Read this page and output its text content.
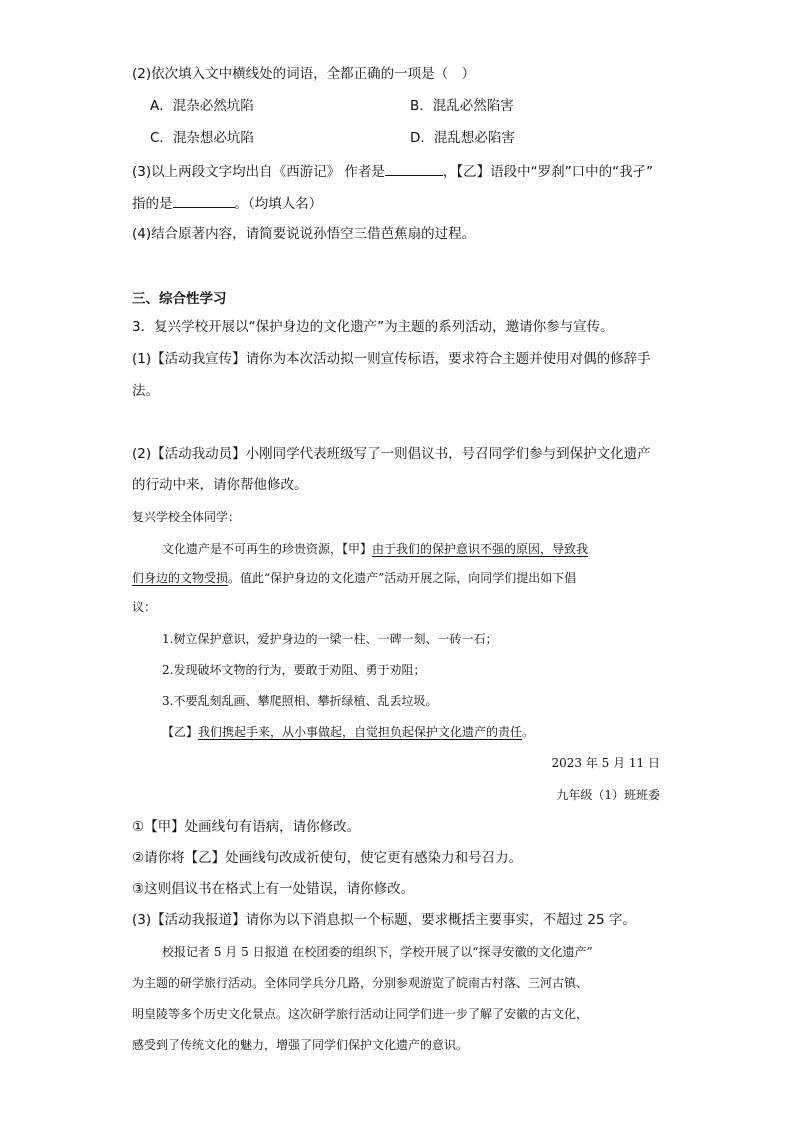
(2)依次填入文中横线处的词语，全都正确的一项是（　）
A．混杂必然坑陷	B．混乱必然陷害
C．混杂想必坑陷	D．混乱想必陷害
(3)以上两段文字均出自《西游记》 作者是	，【乙】语段中“罗刹”口中的“我孑”
指的是	。（均填人名）
(4)结合原著内容，请简要说说孙悟空三借芭蕉扇的过程。
三、综合性学习
3．复兴学校开展以“保护身边的文化遗产”为主题的系列活动，邀请你参与宣传。
(1)【活动我宣传】请你为本次活动拟一则宣传标语，要求符合主题并使用对偶的修辞手
法。
(2)【活动我动员】小刚同学代表班级写了一则倡议书，号召同学们参与到保护文化遗产
的行动中来，请你帮他修改。
复兴学校全体同学：
文化遗产是不可再生的珍贵资源，【甲】由于我们的保护意识不强的原因，导致我
们身边的文物受损。值此“保护身边的文化遗产”活动开展之际，向同学们提出如下倡
议：
1.树立保护意识，爱护身边的一梁一柱、一碑一刻、一砖一石；
2.发现破坏文物的行为，要敢于劝阻、勇于劝阻；
3.不要乱刻乱画、攀爬照相、攀折绿植、乱丢垃圾。
【乙】我们携起手来，从小事做起，自觉担负起保护文化遗产的责任。
2023 年 5 月 11 日
九年级（1）班班委
①【甲】处画线句有语病，请你修改。
②请你将【乙】处画线句改成祈使句，使它更有感染力和号召力。
③这则倡议书在格式上有一处错误，请你修改。
(3)【活动我报道】请你为以下消息拟一个标题，要求概括主要事实，不超过 25 字。
校报记者 5 月 5 日报道 在校团委的组织下，学校开展了以“探寻安徽的文化遗产”
为主题的研学旅行活动。全体同学兵分几路，分别参观游览了皖南古村落、三河古镇、
明皇陵等多个历史文化景点。这次研学旅行活动让同学们进一步了解了安徽的古文化，
感受到了传统文化的魅力，增强了同学们保护文化遗产的意识。
